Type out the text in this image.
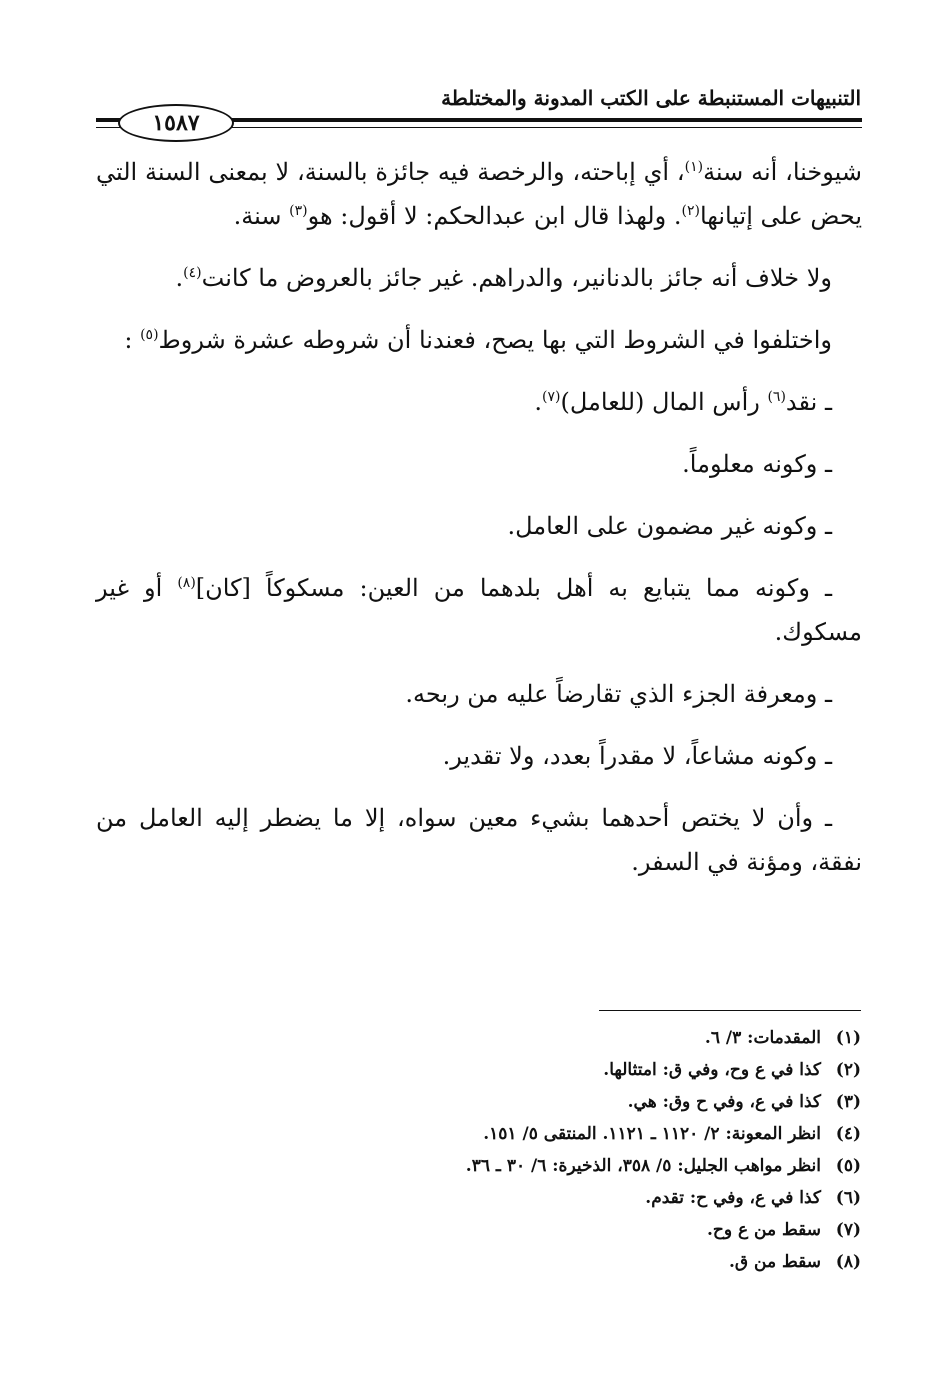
التنبيهات المستنبطة على الكتب المدونة والمختلطة
١٥٨٧

شيوخنا، أنه سنة$^{(١)}$، أي إباحته، والرخصة فيه جائزة بالسنة، لا بمعنى السنة التي يحض على إتيانها$^{(٢)}$. ولهذا قال ابن عبدالحكم: لا أقول: هو$^{(٣)}$ سنة.

ولا خلاف أنه جائز بالدنانير، والدراهم. غير جائز بالعروض ما كانت$^{(٤)}$.

واختلفوا في الشروط التي بها يصح، فعندنا أن شروطه عشرة شروط$^{(٥)}$ :

ـ نقد$^{(٦)}$ رأس المال (للعامل)$^{(٧)}$.

ـ وكونه معلوماً.

ـ وكونه غير مضمون على العامل.

ـ وكونه مما يتبايع به أهل بلدهما من العين: مسكوكاً [كان]$^{(٨)}$ أو غير مسكوك.

ـ ومعرفة الجزء الذي تقارضاً عليه من ربحه.

ـ وكونه مشاعاً، لا مقدراً بعدد، ولا تقدير.

ـ وأن لا يختص أحدهما بشيء معين سواه، إلا ما يضطر إليه العامل من نفقة، ومؤنة في السفر.

(١)المقدمات: ٣/ ٦.
(٢)كذا في ع وح، وفي ق: امتثالها.
(٣)كذا في ع، وفي ح وق: هي.
(٤)انظر المعونة: ٢/ ١١٢٠ ـ ١١٢١. المنتقى ٥/ ١٥١.
(٥)انظر مواهب الجليل: ٥/ ٣٥٨، الذخيرة: ٦/ ٣٠ ـ ٣٦.
(٦)كذا في ع، وفي ح: تقدم.
(٧)سقط من ع وح.
(٨)سقط من ق.
